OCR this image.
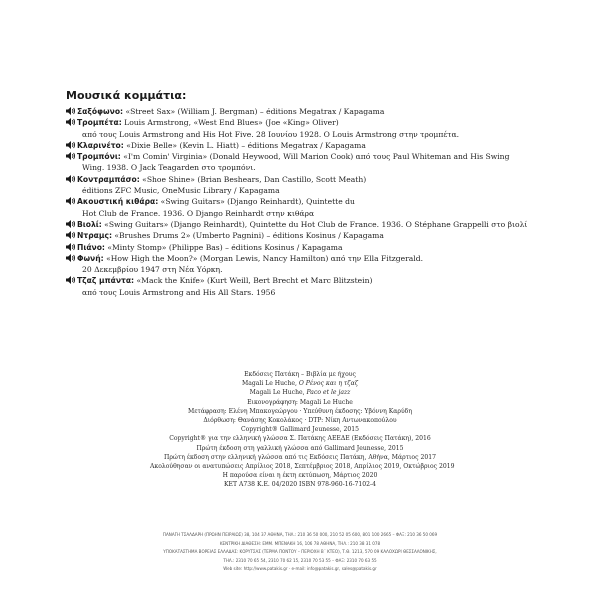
Μουσικά κομμάτια:
Σαξόφωνο: «Street Sax» (William J. Bergman) – éditions Megatrax / Kapagama
Τρομπέτα: Louis Armstrong, «West End Blues» (Joe «King» Oliver)
από τους Louis Armstrong and His Hot Five. 28 Ιουνίου 1928. Ο Louis Armstrong στην τρομπέτα.
Κλαρινέτο: «Dixie Belle» (Kevin L. Hiatt) – éditions Megatrax / Kapagama
Τρομπόνι: «I'm Comin' Virginia» (Donald Heywood, Will Marion Cook) από τους Paul Whiteman and His Swing
Wing. 1938. Ο Jack Teagarden στο τρομπόνι.
Κοντραμπάσο: «Shoe Shine» (Brian Beshears, Dan Castillo, Scott Meath)
éditions ZFC Music, OneMusic Library / Kapagama
Ακουστική κιθάρα: «Swing Guitars» (Django Reinhardt), Quintette du
Hot Club de France. 1936. Ο Django Reinhardt στην κιθάρα
Βιολί: «Swing Guitars» (Django Reinhardt), Quintette du Hot Club de France. 1936. Ο Stéphane Grappelli στο βιολί
Ντραμς: «Brushes Drums 2» (Umberto Pagnini) – éditions Kosinus / Kapagama
Πιάνο: «Minty Stomp» (Philippe Bas) – éditions Kosinus / Kapagama
Φωνή: «How High the Moon?» (Morgan Lewis, Nancy Hamilton) από την Ella Fitzgerald.
20 Δεκεμβρίου 1947 στη Νέα Υόρκη.
Τζαζ μπάντα: «Mack the Knife» (Kurt Weill, Bert Brecht et Marc Blitzstein)
από τους Louis Armstrong and His All Stars. 1956
Εκδόσεις Πατάκη – Βιβλία με ήχους
Magali Le Huche, Ο Ρένος και η τζαζ
Magali Le Huche, Paco et le jazz
Εικονογράφηση: Magali Le Huche
Μετάφραση: Ελένη Μπακογεώργου · Υπεύθυνη έκδοσης: Υβόννη Καρύδη
Διόρθωση: Θανάσης Κοκολάκος · DTP: Νίκη Αντωνακοπούλου
Copyright® Gallimard Jeunesse, 2015
Copyright® για την ελληνική γλώσσα Σ. Πατάκης ΑΕΕΔΕ (Εκδόσεις Πατάκη), 2016
Πρώτη έκδοση στη γαλλική γλώσσα από Gallimard Jeunesse, 2015
Πρώτη έκδοση στην ελληνική γλώσσα από τις Εκδόσεις Πατάκη, Αθήνα, Μάρτιος 2017
Ακολούθησαν οι ανατυπώσεις Απρίλιος 2018, Σεπτέμβριος 2018, Απρίλιος 2019, Οκτώβριος 2019
Η παρούσα είναι η έκτη εκτύπωση, Μάρτιος 2020
ΚΕΤ Α738 Κ.Ε. 04/2020 ISBN 978-960-16-7102-4
ΠΑΝΑΓΗ ΤΣΑΛΔΑΡΗ (ΠΡΩΗΝ ΠΕΙΡΑΙΩΣ) 38, 104 37 ΑΘΗΝΑ, ΤΗΛ.: 210 36 50 000, 210 52 05 600, 801 100 2665 – ΦΑΞ: 210 36 50 069
ΚΕΝΤΡΙΚΗ ΔΙΑΘΕΣΗ: ΕΜΜ. ΜΠΕΝΑΚΗ 16, 106 78 ΑΘΗΝΑ, ΤΗΛ.: 210 38 31 078
ΥΠΟΚΑΤΑΣΤΗΜΑ ΒΟΡΕΙΑΣ ΕΛΛΑΔΑΣ: ΚΟΡΥΤΣΑΣ (ΤΕΡΜΑ ΠΟΝΤΟΥ – ΠΕΡΙΟΧΗ Β΄ ΚΤΕΟ), Τ.Θ. 1213, 570 09 ΚΑΛΟΧΩΡΙ ΘΕΣΣΑΛΟΝΙΚΗΣ,
ΤΗΛ.: 2310 70 65 54, 2310 70 62 15, 2310 70 53 55 – ΦΑΞ: 2310 70 63 55
Web site: http://www.patakis.gr · e-mail: info@patakis.gr, sales@patakis.gr
